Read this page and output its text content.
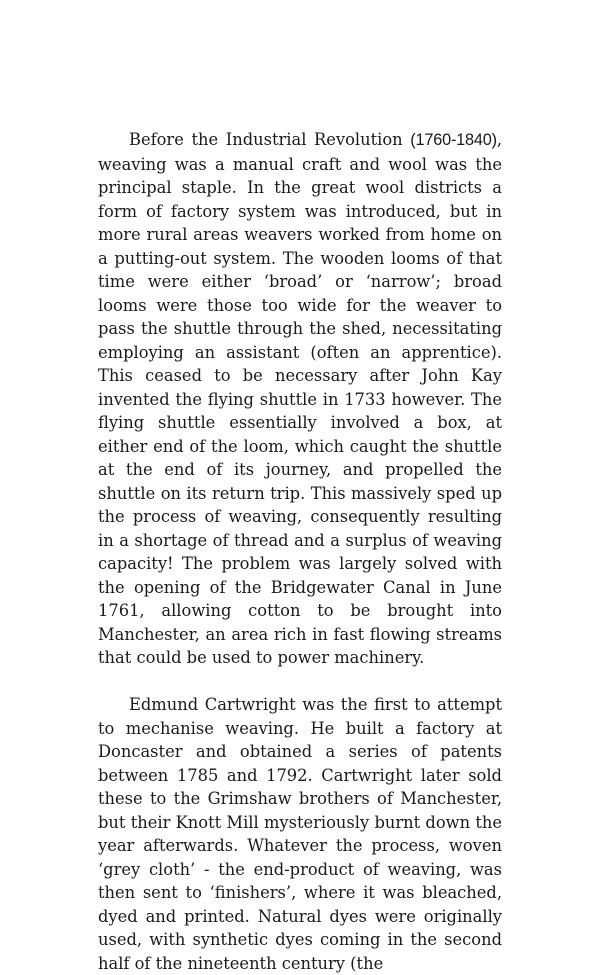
Before the Industrial Revolution (1760-1840), weaving was a manual craft and wool was the principal staple. In the great wool districts a form of factory system was introduced, but in more rural areas weavers worked from home on a putting-out system. The wooden looms of that time were either ‘broad’ or ‘narrow’; broad looms were those too wide for the weaver to pass the shuttle through the shed, necessitating employing an assistant (often an apprentice). This ceased to be necessary after John Kay invented the flying shuttle in 1733 however. The flying shuttle essentially involved a box, at either end of the loom, which caught the shuttle at the end of its journey, and propelled the shuttle on its return trip. This massively sped up the process of weaving, consequently resulting in a shortage of thread and a surplus of weaving capacity! The problem was largely solved with the opening of the Bridgewater Canal in June 1761, allowing cotton to be brought into Manchester, an area rich in fast flowing streams that could be used to power machinery.

Edmund Cartwright was the first to attempt to mechanise weaving. He built a factory at Doncaster and obtained a series of patents between 1785 and 1792. Cartwright later sold these to the Grimshaw brothers of Manchester, but their Knott Mill mysteriously burnt down the year afterwards. Whatever the process, woven ‘grey cloth’ - the end-product of weaving, was then sent to ‘finishers’, where it was bleached, dyed and printed. Natural dyes were originally used, with synthetic dyes coming in the second half of the nineteenth century (the
